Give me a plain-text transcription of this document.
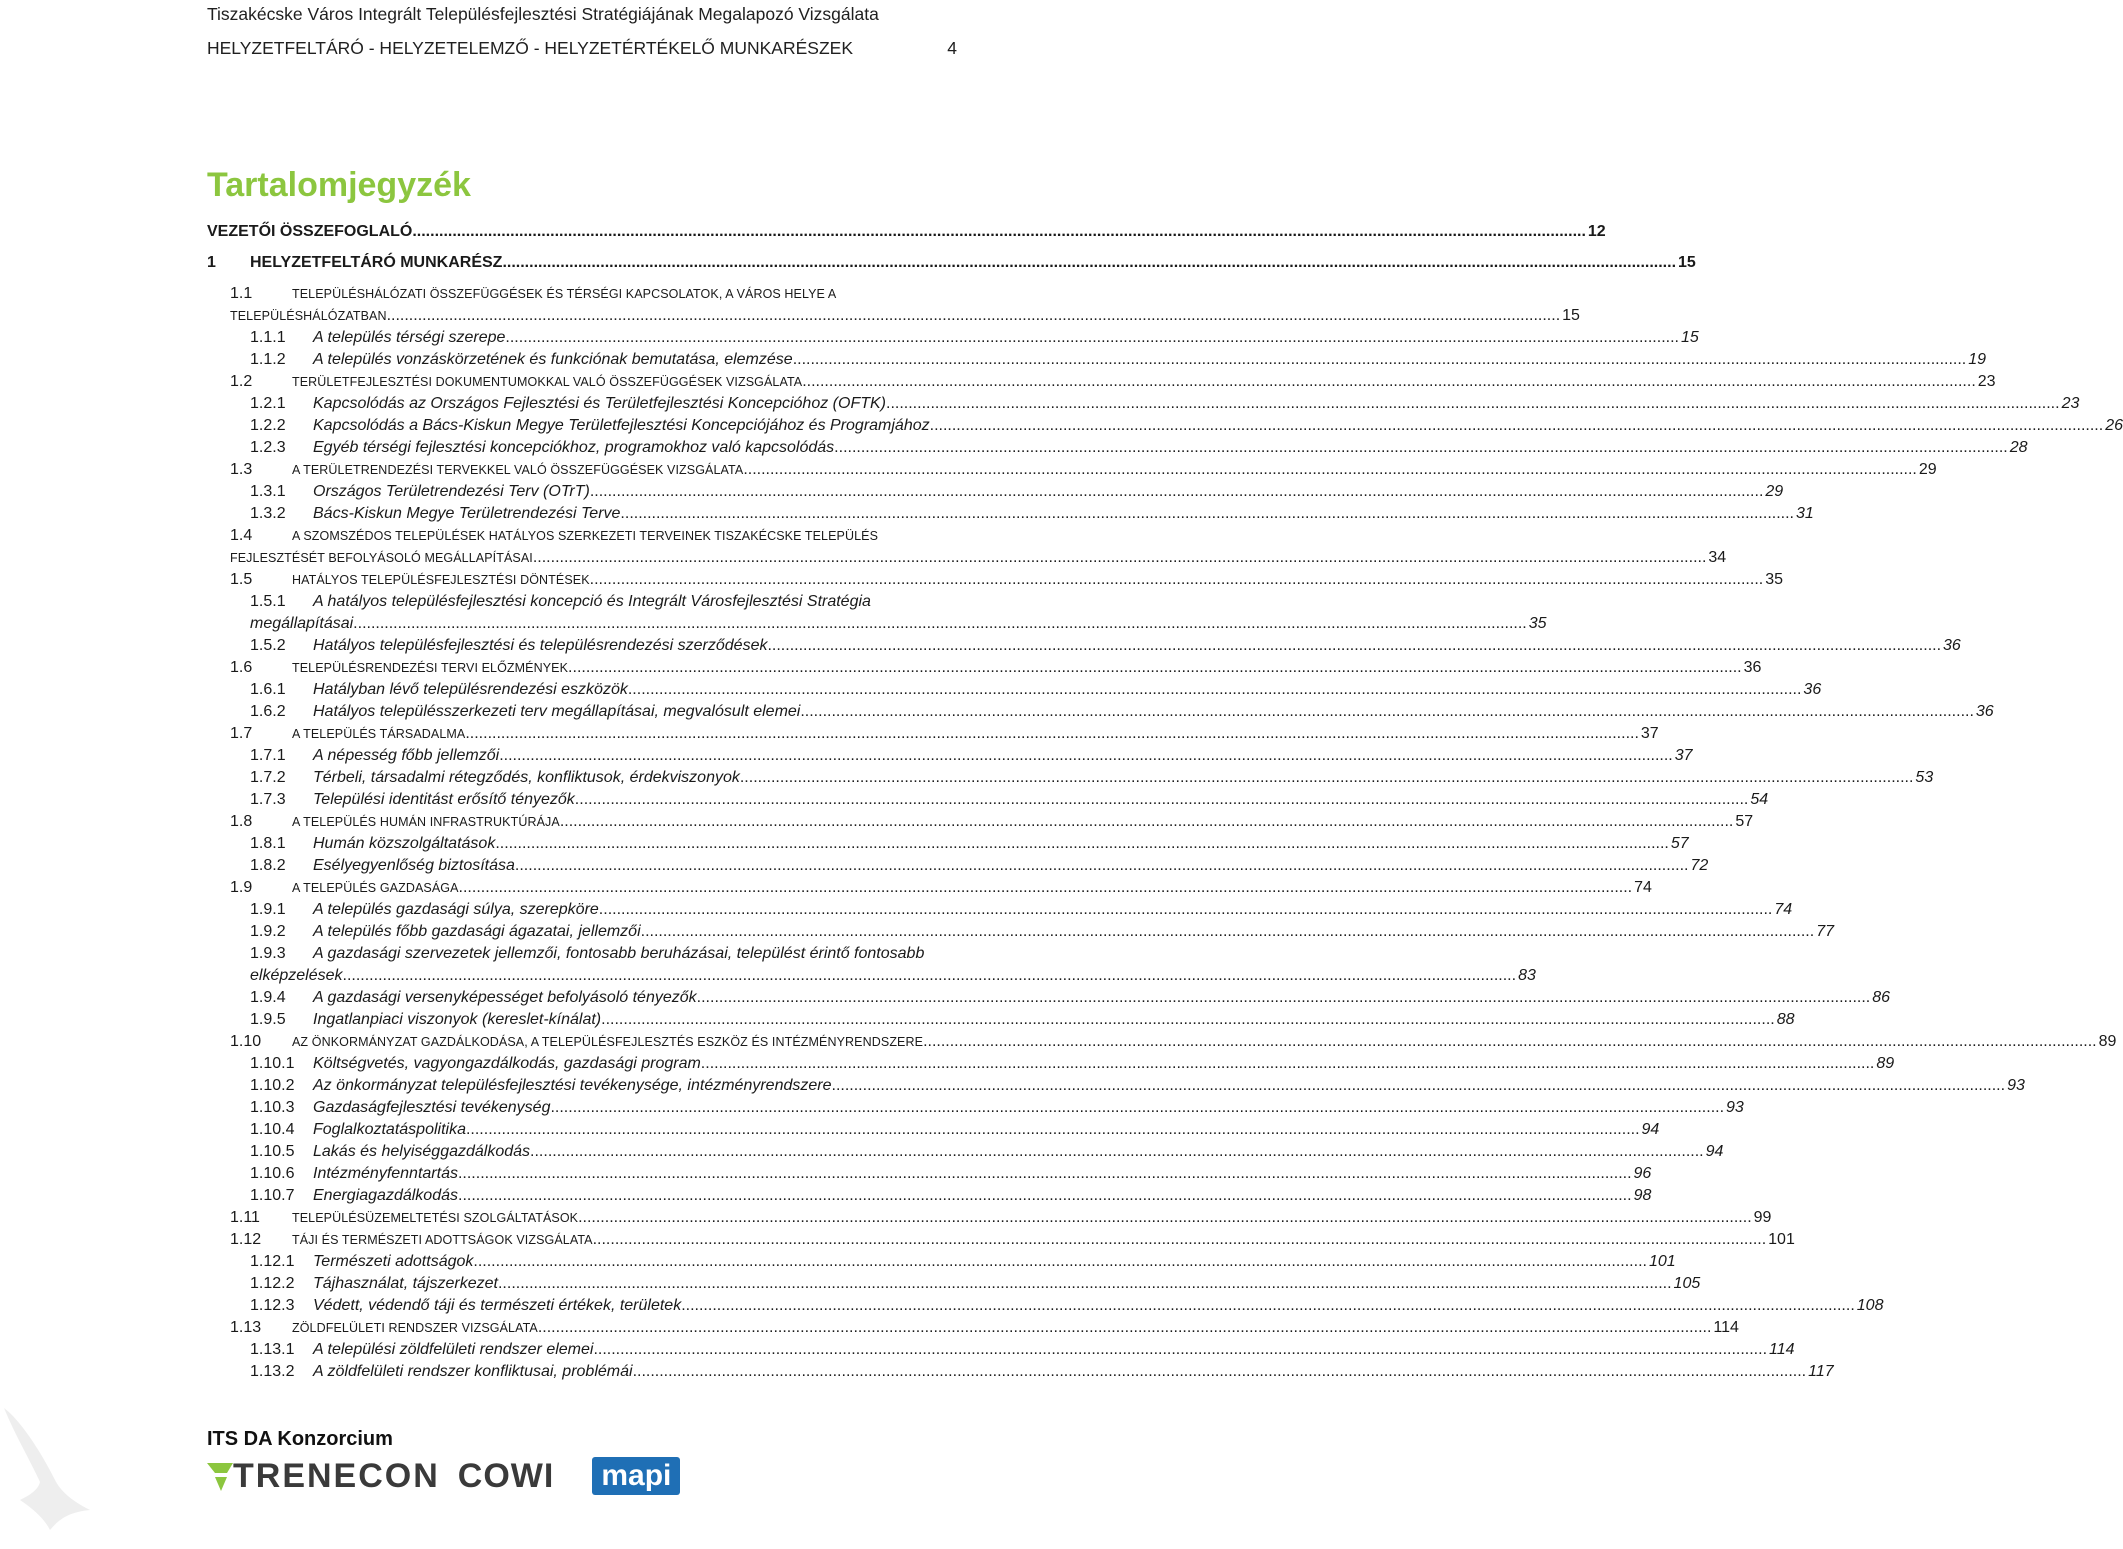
Tiszakécske Város Integrált Településfejlesztési Stratégiájának Megalapozó Vizsgálata
HELYZETFELTÁRÓ - HELYZETELEMZŐ - HELYZETÉRTÉKELŐ MUNKARÉSZEK	4
Tartalomjegyzék
VEZETŐI ÖSSZEFOGLALÓ .....	12
1	HELYZETFELTÁRÓ MUNKARÉSZ .....	15
1.1	TELEPÜLÉSHÁLÓZATI ÖSSZEFÜGGÉSEK ÉS TÉRSÉGI KAPCSOLATOK, A VÁROS HELYE A
TELEPÜLÉSHÁLÓZATBAN .....	15
1.1.1	A település térségi szerepe .....	15
1.1.2	A település vonzáskörzetének és funkciónak bemutatása, elemzése .....	19
1.2	TERÜLETFEJLESZTÉSI DOKUMENTUMOKKAL VALÓ ÖSSZEFÜGGÉSEK VIZSGÁLATA .....	23
1.2.1	Kapcsolódás az Országos Fejlesztési és Területfejlesztési Koncepcióhoz (OFTK) .....	23
1.2.2	Kapcsolódás a Bács-Kiskun Megye Területfejlesztési Koncepciójához és Programjához .....	26
1.2.3	Egyéb térségi fejlesztési koncepciókhoz, programokhoz való kapcsolódás .....	28
1.3	A TERÜLETRENDEZÉSI TERVEKKEL VALÓ ÖSSZEFÜGGÉSEK VIZSGÁLATA .....	29
1.3.1	Országos Területrendezési Terv (OTrT) .....	29
1.3.2	Bács-Kiskun Megye Területrendezési Terve .....	31
1.4	A SZOMSZÉDOS TELEPÜLÉSEK HATÁLYOS SZERKEZETI TERVEINEK TISZAKÉCSKE TELEPÜLÉS
FEJLESZTÉSÉT BEFOLYÁSOLÓ MEGÁLLAPÍTÁSAI .....	34
1.5	HATÁLYOS TELEPÜLÉSFEJLESZTÉSI DÖNTÉSEK .....	35
1.5.1	A hatályos településfejlesztési koncepció és Integrált Városfejlesztési Stratégia
megállapításai .....	35
1.5.2	Hatályos településfejlesztési és településrendezési szerződések .....	36
1.6	TELEPÜLÉSRENDEZÉSI TERVI ELŐZMÉNYEK .....	36
1.6.1	Hatályban lévő településrendezési eszközök .....	36
1.6.2	Hatályos településszerkezeti terv megállapításai, megvalósult elemei .....	36
1.7	A TELEPÜLÉS TÁRSADALMA .....	37
1.7.1	A népesség főbb jellemzői .....	37
1.7.2	Térbeli, társadalmi rétegződés, konfliktusok, érdekviszonyok .....	53
1.7.3	Települési identitást erősítő tényezők .....	54
1.8	A TELEPÜLÉS HUMÁN INFRASTRUKTÚRÁJA .....	57
1.8.1	Humán közszolgáltatások .....	57
1.8.2	Esélyegyenlőség biztosítása .....	72
1.9	A TELEPÜLÉS GAZDASÁGA .....	74
1.9.1	A település gazdasági súlya, szerepköre .....	74
1.9.2	A település főbb gazdasági ágazatai, jellemzői .....	77
1.9.3	A gazdasági szervezetek jellemzői, fontosabb beruházásai, települést érintő fontosabb
elképzelések .....	83
1.9.4	A gazdasági versenyképességet befolyásoló tényezők .....	86
1.9.5	Ingatlanpiaci viszonyok (kereslet-kínálat) .....	88
1.10	AZ ÖNKORMÁNYZAT GAZDÁLKODÁSA, A TELEPÜLÉSFEJLESZTÉS ESZKÖZ ÉS INTÉZMÉNYRENDSZERE .....	89
1.10.1	Költségvetés, vagyongazdálkodás, gazdasági program .....	89
1.10.2	Az önkormányzat településfejlesztési tevékenysége, intézményrendszere .....	93
1.10.3	Gazdaságfejlesztési tevékenység .....	93
1.10.4	Foglalkoztatáspolitika .....	94
1.10.5	Lakás és helyiséggazdálkodás .....	94
1.10.6	Intézményfenntartás .....	96
1.10.7	Energiagazdálkodás .....	98
1.11	TELEPÜLÉSÜZEMELTETÉSI SZOLGÁLTATÁSOK .....	99
1.12	TÁJI ÉS TERMÉSZETI ADOTTSÁGOK VIZSGÁLATA .....	101
1.12.1	Természeti adottságok .....	101
1.12.2	Tájhasználat, tájszerkezet .....	105
1.12.3	Védett, védendő táji és természeti értékek, területek .....	108
1.13	ZÖLDFELÜLETI RENDSZER VIZSGÁLATA .....	114
1.13.1	A települési zöldfelületi rendszer elemei .....	114
1.13.2	A zöldfelületi rendszer konfliktusai, problémái .....	117
ITS DA Konzorcium
TRENECON COWI mapi
